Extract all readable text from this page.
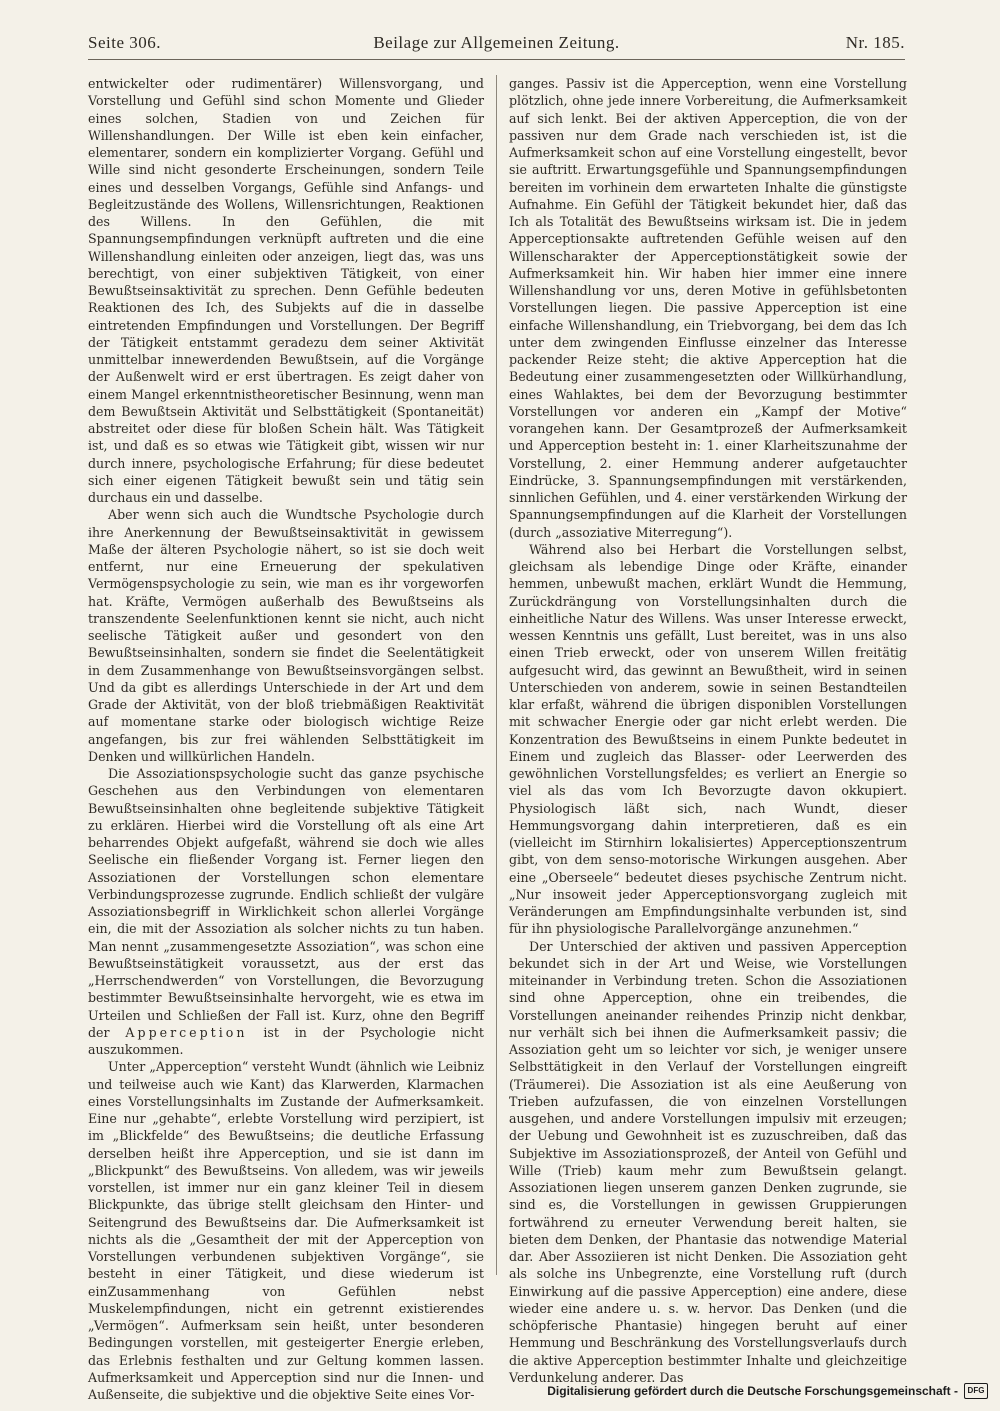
Seite 306.	Beilage zur Allgemeinen Zeitung.	Nr. 185.

entwickelter oder rudimentärer) Willensvorgang, und Vorstellung und Gefühl sind schon Momente und Glieder eines solchen, Stadien von und Zeichen für Willenshandlungen. Der Wille ist eben kein einfacher, elementarer, sondern ein komplizierter Vorgang. Gefühl und Wille sind nicht gesonderte Erscheinungen, sondern Teile eines und desselben Vorgangs, Gefühle sind Anfangs- und Begleitzustände des Wollens, Willensrichtungen, Reaktionen des Willens. In den Gefühlen, die mit Spannungsempfindungen verknüpft auftreten und die eine Willenshandlung einleiten oder anzeigen, liegt das, was uns berechtigt, von einer subjektiven Tätigkeit, von einer Bewußtseinsaktivität zu sprechen. Denn Gefühle bedeuten Reaktionen des Ich, des Subjekts auf die in dasselbe eintretenden Empfindungen und Vorstellungen. Der Begriff der Tätigkeit entstammt geradezu dem seiner Aktivität unmittelbar innewerdenden Bewußtsein, auf die Vorgänge der Außenwelt wird er erst übertragen. Es zeigt daher von einem Mangel erkenntnistheoretischer Besinnung, wenn man dem Bewußtsein Aktivität und Selbsttätigkeit (Spontaneität) abstreitet oder diese für bloßen Schein hält. Was Tätigkeit ist, und daß es so etwas wie Tätigkeit gibt, wissen wir nur durch innere, psychologische Erfahrung; für diese bedeutet sich einer eigenen Tätigkeit bewußt sein und tätig sein durchaus ein und dasselbe.

Aber wenn sich auch die Wundtsche Psychologie durch ihre Anerkennung der Bewußtseinsaktivität in gewissem Maße der älteren Psychologie nähert, so ist sie doch weit entfernt, nur eine Erneuerung der spekulativen Vermögenspsychologie zu sein, wie man es ihr vorgeworfen hat. Kräfte, Vermögen außerhalb des Bewußtseins als transzendente Seelenfunktionen kennt sie nicht, auch nicht seelische Tätigkeit außer und gesondert von den Bewußtseinsinhalten, sondern sie findet die Seelentätigkeit in dem Zusammenhange von Bewußtseinsvorgängen selbst. Und da gibt es allerdings Unterschiede in der Art und dem Grade der Aktivität, von der bloß triebmäßigen Reaktivität auf momentane starke oder biologisch wichtige Reize angefangen, bis zur frei wählenden Selbsttätigkeit im Denken und willkürlichen Handeln.

Die Assoziationspsychologie sucht das ganze psychische Geschehen aus den Verbindungen von elementaren Bewußtseinsinhalten ohne begleitende subjektive Tätigkeit zu erklären. Hierbei wird die Vorstellung oft als eine Art beharrendes Objekt aufgefaßt, während sie doch wie alles Seelische ein fließender Vorgang ist. Ferner liegen den Assoziationen der Vorstellungen schon elementare Verbindungsprozesse zugrunde. Endlich schließt der vulgäre Assoziationsbegriff in Wirklichkeit schon allerlei Vorgänge ein, die mit der Assoziation als solcher nichts zu tun haben. Man nennt „zusammengesetzte Assoziation“, was schon eine Bewußtseinstätigkeit voraussetzt, aus der erst das „Herrschendwerden“ von Vorstellungen, die Bevorzugung bestimmter Bewußtseinsinhalte hervorgeht, wie es etwa im Urteilen und Schließen der Fall ist. Kurz, ohne den Begriff der Apperception ist in der Psychologie nicht auszukommen.

Unter „Apperception“ versteht Wundt (ähnlich wie Leibniz und teilweise auch wie Kant) das Klarwerden, Klarmachen eines Vorstellungsinhalts im Zustande der Aufmerksamkeit. Eine nur „gehabte“, erlebte Vorstellung wird perzipiert, ist im „Blickfelde“ des Bewußtseins; die deutliche Erfassung derselben heißt ihre Apperception, und sie ist dann im „Blickpunkt“ des Bewußtseins. Von alledem, was wir jeweils vorstellen, ist immer nur ein ganz kleiner Teil in diesem Blickpunkte, das übrige stellt gleichsam den Hinter- und Seitengrund des Bewußtseins dar. Die Aufmerksamkeit ist nichts als die „Gesamtheit der mit der Apperception von Vorstellungen verbundenen subjektiven Vorgänge“, sie besteht in einer Tätigkeit, und diese wiederum ist einZusammenhang von Gefühlen nebst Muskelempfindungen, nicht ein getrennt existierendes „Vermögen“. Aufmerksam sein heißt, unter besonderen Bedingungen vorstellen, mit gesteigerter Energie erleben, das Erlebnis festhalten und zur Geltung kommen lassen. Aufmerksamkeit und Apperception sind nur die Innen- und Außenseite, die subjektive und die objektive Seite eines Vor-

ganges. Passiv ist die Apperception, wenn eine Vorstellung plötzlich, ohne jede innere Vorbereitung, die Aufmerksamkeit auf sich lenkt. Bei der aktiven Apperception, die von der passiven nur dem Grade nach verschieden ist, ist die Aufmerksamkeit schon auf eine Vorstellung eingestellt, bevor sie auftritt. Erwartungsgefühle und Spannungsempfindungen bereiten im vorhinein dem erwarteten Inhalte die günstigste Aufnahme. Ein Gefühl der Tätigkeit bekundet hier, daß das Ich als Totalität des Bewußtseins wirksam ist. Die in jedem Apperceptionsakte auftretenden Gefühle weisen auf den Willenscharakter der Apperceptionstätigkeit sowie der Aufmerksamkeit hin. Wir haben hier immer eine innere Willenshandlung vor uns, deren Motive in gefühlsbetonten Vorstellungen liegen. Die passive Apperception ist eine einfache Willenshandlung, ein Triebvorgang, bei dem das Ich unter dem zwingenden Einflusse einzelner das Interesse packender Reize steht; die aktive Apperception hat die Bedeutung einer zusammengesetzten oder Willkürhandlung, eines Wahlaktes, bei dem der Bevorzugung bestimmter Vorstellungen vor anderen ein „Kampf der Motive“ vorangehen kann. Der Gesamtprozeß der Aufmerksamkeit und Apperception besteht in: 1. einer Klarheitszunahme der Vorstellung, 2. einer Hemmung anderer aufgetauchter Eindrücke, 3. Spannungsempfindungen mit verstärkenden, sinnlichen Gefühlen, und 4. einer verstärkenden Wirkung der Spannungsempfindungen auf die Klarheit der Vorstellungen (durch „assoziative Miterregung“).

Während also bei Herbart die Vorstellungen selbst, gleichsam als lebendige Dinge oder Kräfte, einander hemmen, unbewußt machen, erklärt Wundt die Hemmung, Zurückdrängung von Vorstellungsinhalten durch die einheitliche Natur des Willens. Was unser Interesse erweckt, wessen Kenntnis uns gefällt, Lust bereitet, was in uns also einen Trieb erweckt, oder von unserem Willen freitätig aufgesucht wird, das gewinnt an Bewußtheit, wird in seinen Unterschieden von anderem, sowie in seinen Bestandteilen klar erfaßt, während die übrigen disponiblen Vorstellungen mit schwacher Energie oder gar nicht erlebt werden. Die Konzentration des Bewußtseins in einem Punkte bedeutet in Einem und zugleich das Blasser- oder Leerwerden des gewöhnlichen Vorstellungsfeldes; es verliert an Energie so viel als das vom Ich Bevorzugte davon okkupiert. Physiologisch läßt sich, nach Wundt, dieser Hemmungsvorgang dahin interpretieren, daß es ein (vielleicht im Stirnhirn lokalisiertes) Apperceptionszentrum gibt, von dem senso-motorische Wirkungen ausgehen. Aber eine „Oberseele“ bedeutet dieses psychische Zentrum nicht. „Nur insoweit jeder Apperceptionsvorgang zugleich mit Veränderungen am Empfindungsinhalte verbunden ist, sind für ihn physiologische Parallelvorgänge anzunehmen.“

Der Unterschied der aktiven und passiven Apperception bekundet sich in der Art und Weise, wie Vorstellungen miteinander in Verbindung treten. Schon die Assoziationen sind ohne Apperception, ohne ein treibendes, die Vorstellungen aneinander reihendes Prinzip nicht denkbar, nur verhält sich bei ihnen die Aufmerksamkeit passiv; die Assoziation geht um so leichter vor sich, je weniger unsere Selbsttätigkeit in den Verlauf der Vorstellungen eingreift (Träumerei). Die Assoziation ist als eine Aeußerung von Trieben aufzufassen, die von einzelnen Vorstellungen ausgehen, und andere Vorstellungen impulsiv mit erzeugen; der Uebung und Gewohnheit ist es zuzuschreiben, daß das Subjektive im Assoziationsprozeß, der Anteil von Gefühl und Wille (Trieb) kaum mehr zum Bewußtsein gelangt. Assoziationen liegen unserem ganzen Denken zugrunde, sie sind es, die Vorstellungen in gewissen Gruppierungen fortwährend zu erneuter Verwendung bereit halten, sie bieten dem Denken, der Phantasie das notwendige Material dar. Aber Assoziieren ist nicht Denken. Die Assoziation geht als solche ins Unbegrenzte, eine Vorstellung ruft (durch Einwirkung auf die passive Apperception) eine andere, diese wieder eine andere u. s. w. hervor. Das Denken (und die schöpferische Phantasie) hingegen beruht auf einer Hemmung und Beschränkung des Vorstellungsverlaufs durch die aktive Apperception bestimmter Inhalte und gleichzeitige Verdunkelung anderer. Das

Digitalisierung gefördert durch die Deutsche Forschungsgemeinschaft -	DFG
